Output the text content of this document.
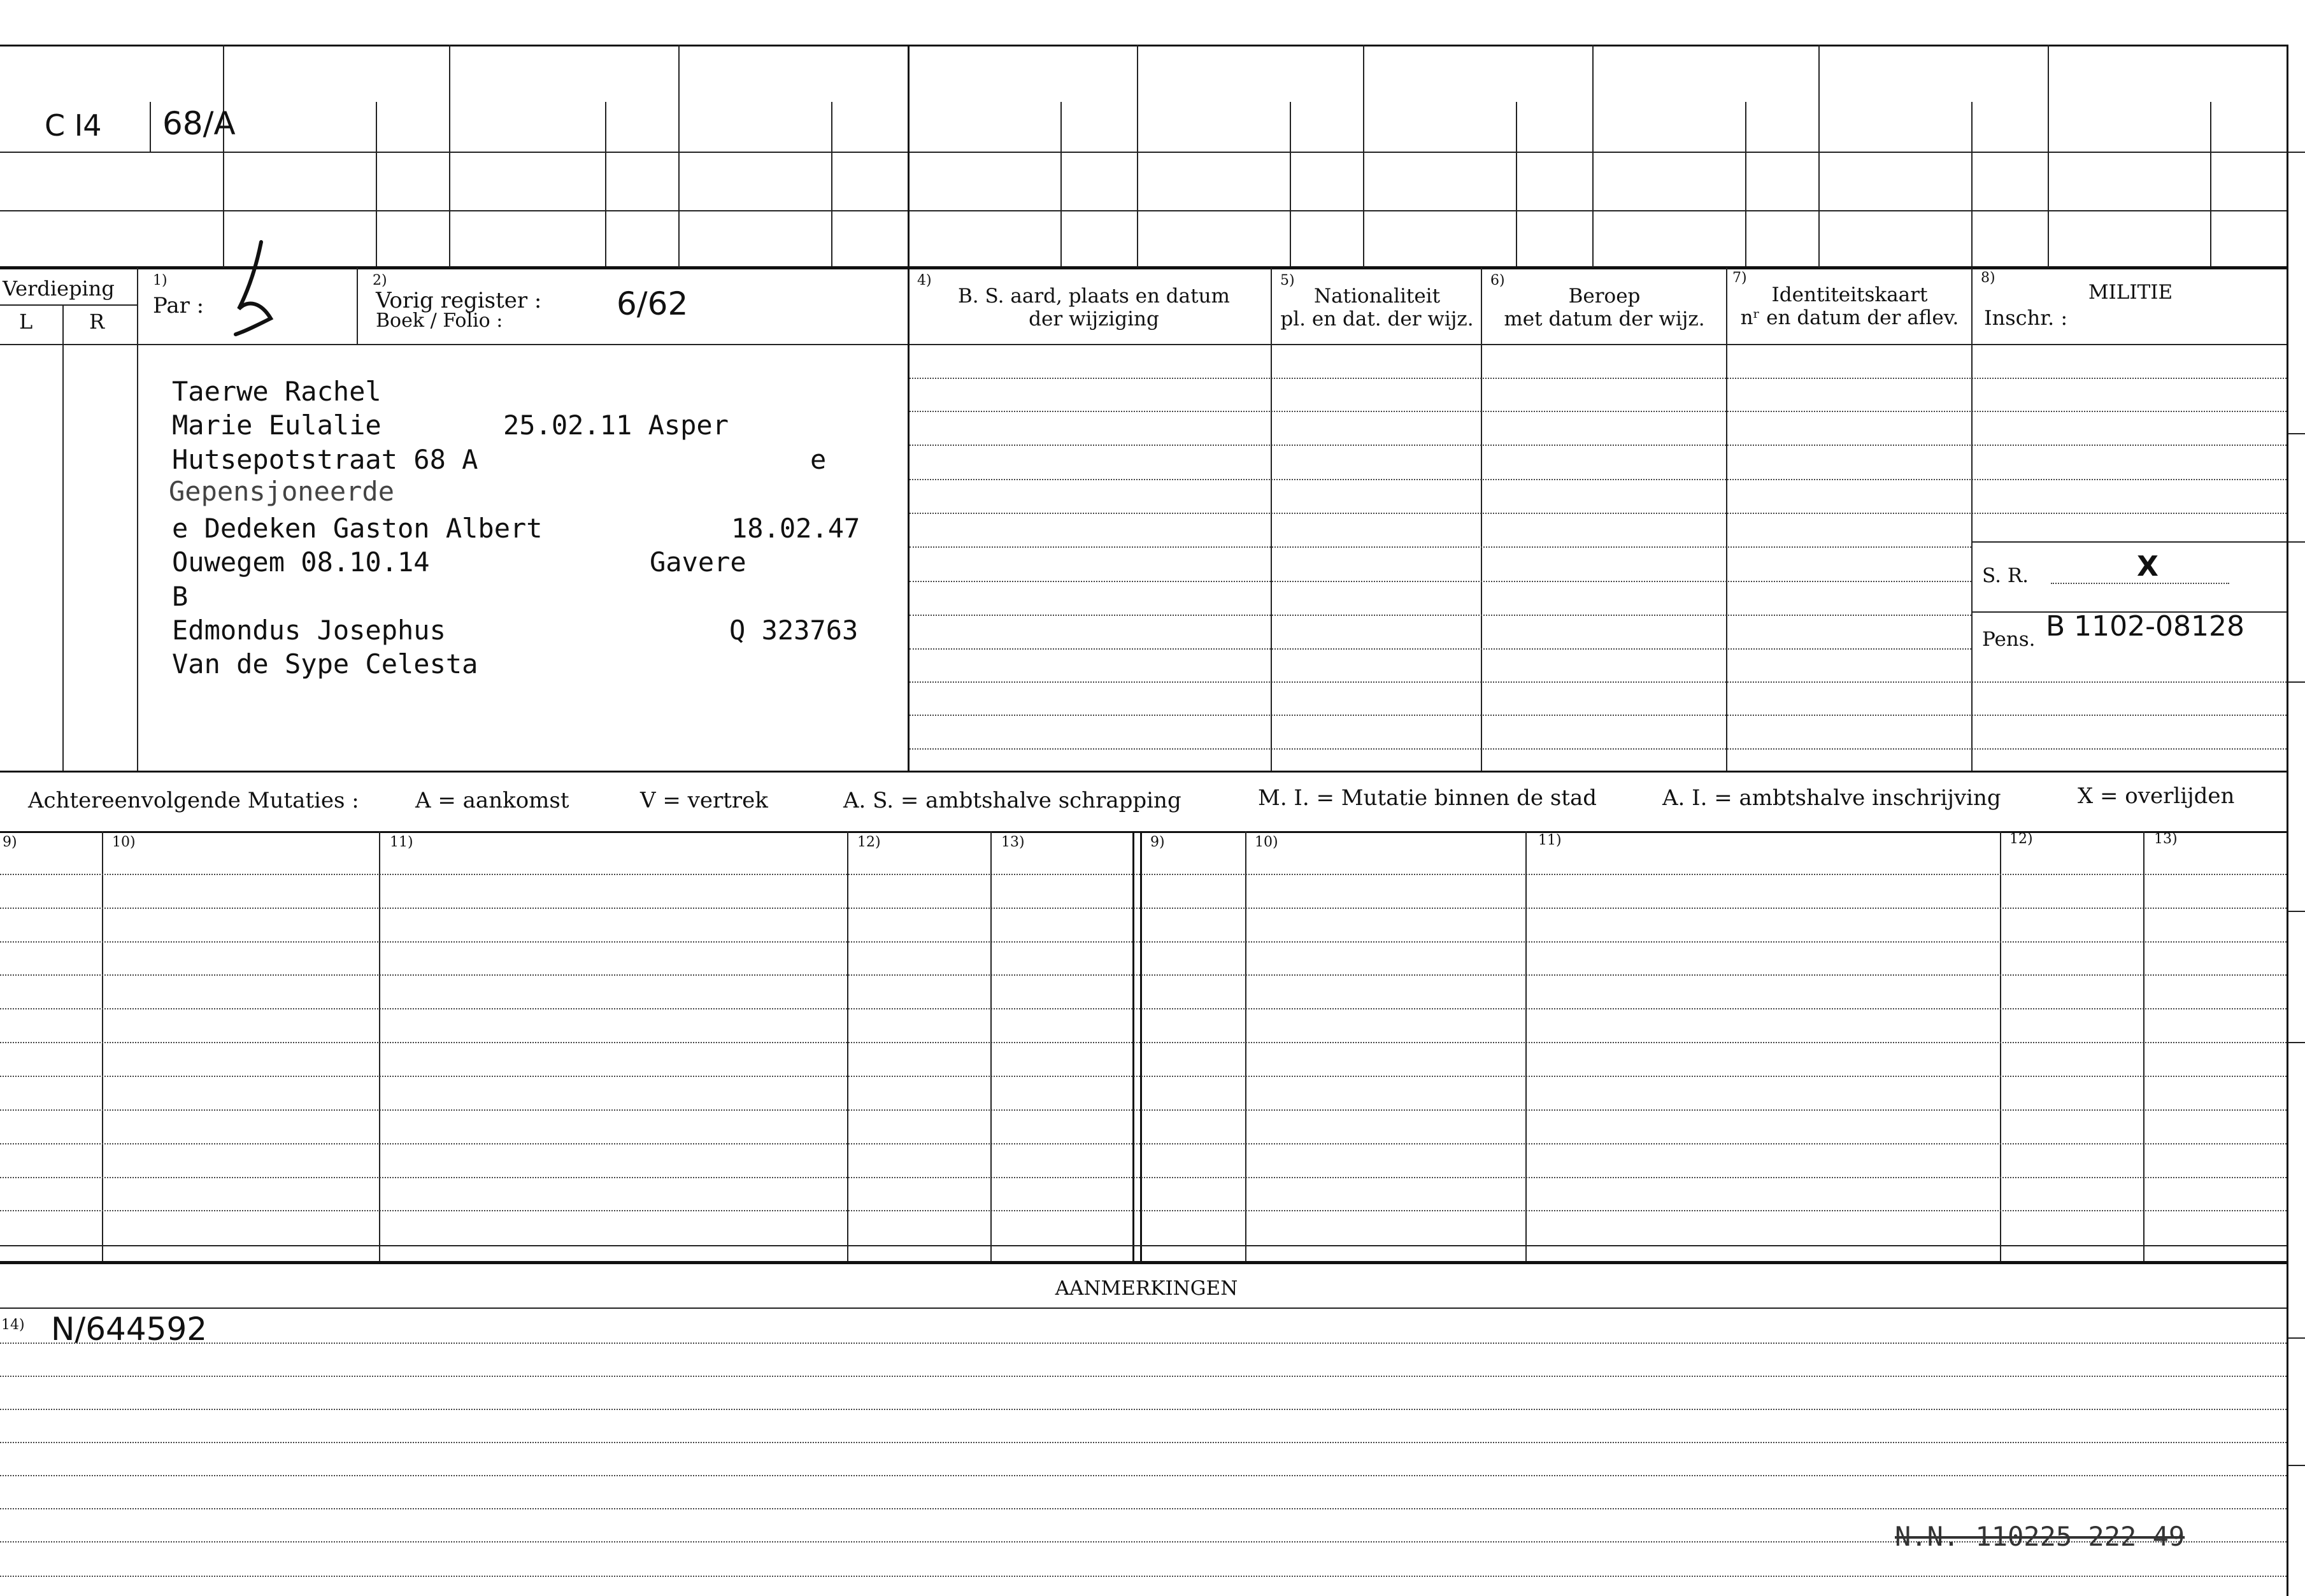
C I4 68/A
Verdieping
L	R
1)
Par :
2)
Vorig register :
Boek / Folio :	6/62
4)
B. S. aard, plaats en datum
der wijziging
5)
Nationaliteit
pl. en dat. der wijz.
6)
Beroep
met datum der wijz.
7)
Identiteitskaart
nʳ en datum der aflev.
8)
MILITIE
Inschr. :
Taerwe Rachel
Marie Eulalie	25.02.11 Asper
Hutsepotstraat 68 A	e
Gepensjoneerde
e Dedeken Gaston Albert	18.02.47
Ouwegem 08.10.14	Gavere
B
Edmondus Josephus	Q 323763
Van de Sype Celesta
S. R.	X
Pens. B 1102-08128
Achtereenvolgende Mutaties :	A = aankomst	V = vertrek	A. S. = ambtshalve schrapping	M. I. = Mutatie binnen de stad	A. I. = ambtshalve inschrijving	X = overlijden
9)	10)	11)	12)	13)	9)	10)	11)	12)	13)
AANMERKINGEN
14) N/644592
N.N. 110225 222 49
